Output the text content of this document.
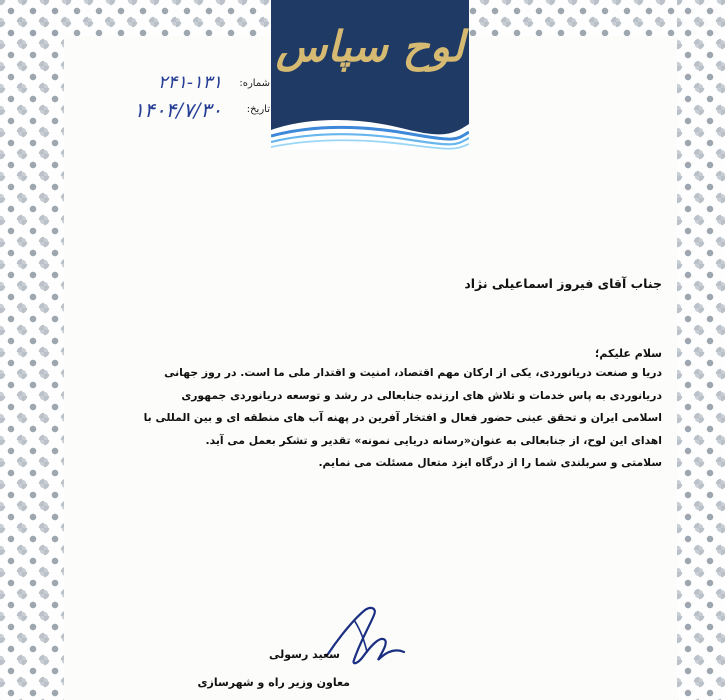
لوح سپاس
شماره:
۲۴۱-۱۳۱
تاریخ:
۱۴۰۴/۷/۳۰
جناب آقای فیروز اسماعیلی نژاد
سلام علیکم؛
دریا و صنعت دریانوردی، یکی از ارکان مهم اقتصاد، امنیت و اقتدار ملی ما است. در روز جهانی
دریانوردی به پاس خدمات و تلاش های ارزنده جنابعالی در رشد و توسعه دریانوردی جمهوری
اسلامی ایران و تحقق عینی حضور فعال و افتخار آفرین در پهنه آب های منطقه ای و بین المللی با
اهدای این لوح، از جنابعالی به عنوان«رسانه دریایی نمونه» تقدیر و تشکر بعمل می آید.
سلامتی و سربلندی شما را از درگاه ایزد متعال مسئلت می نمایم.
سعید رسولی
معاون وزیر راه و شهرسازی
